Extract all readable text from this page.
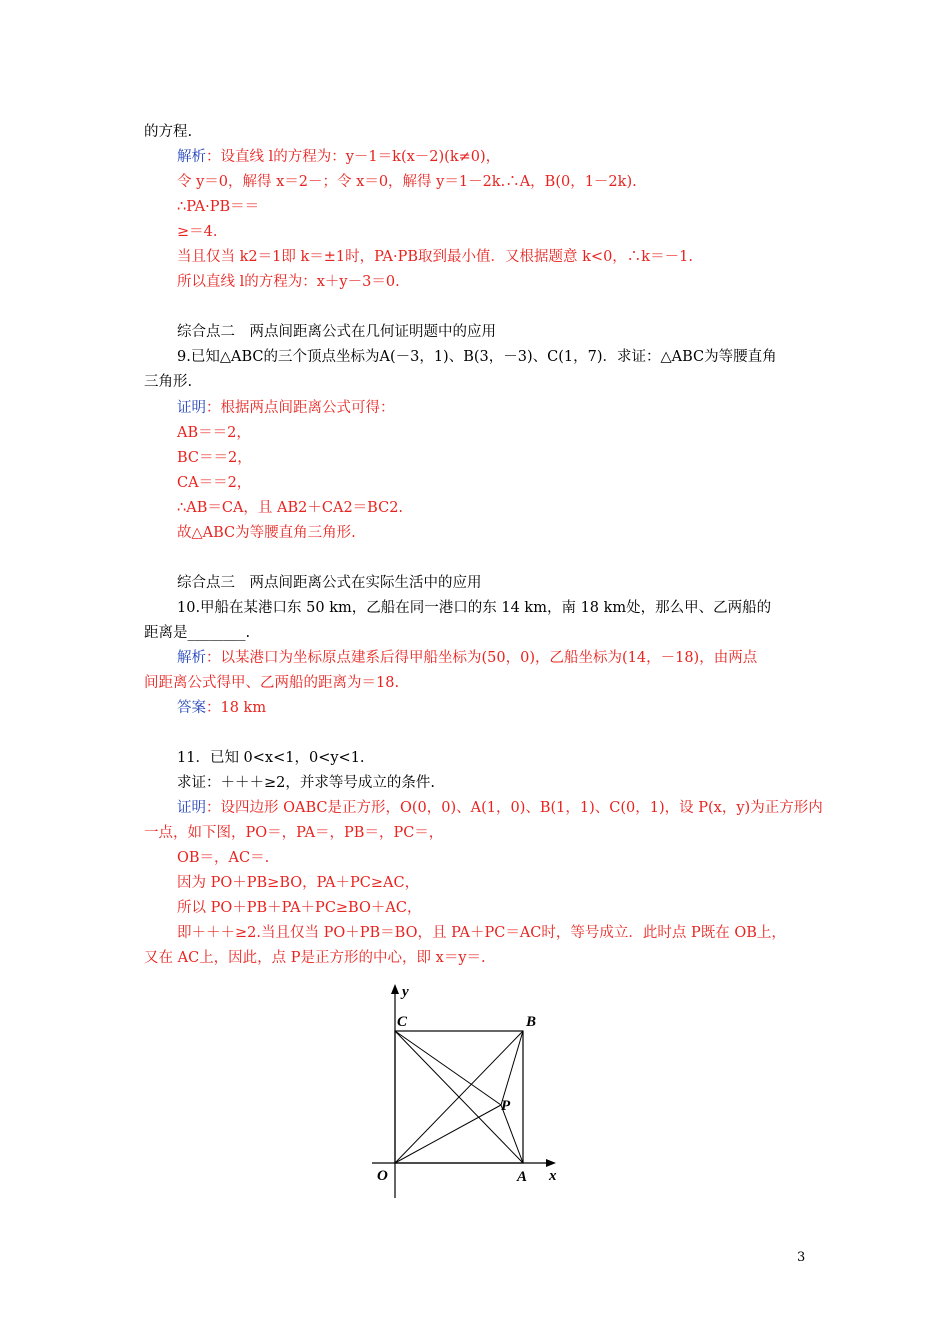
的方程.
解析：设直线 l的方程为：y－1＝k(x－2)(k≠0)，
令 y＝0，解得 x＝2－；令 x＝0，解得 y＝1－2k.∴A，B(0，1－2k).
∴PA·PB＝＝
≥＝4.
当且仅当 k2＝1即 k＝±1时，PA·PB取到最小值．又根据题意 k<0，∴k＝－1.
所以直线 l的方程为：x＋y－3＝0.
综合点二　两点间距离公式在几何证明题中的应用
9.已知△ABC的三个顶点坐标为A(－3，1)、B(3，－3)、C(1，7)．求证：△ABC为等腰直角
三角形.
证明：根据两点间距离公式可得：
AB＝＝2，
BC＝＝2，
CA＝＝2，
∴AB＝CA，且 AB2＋CA2＝BC2.
故△ABC为等腰直角三角形.
综合点三　两点间距离公式在实际生活中的应用
10.甲船在某港口东 50 km，乙船在同一港口的东 14 km，南 18 km处，那么甲、乙两船的
距离是________.
解析：以某港口为坐标原点建系后得甲船坐标为(50，0)，乙船坐标为(14，－18)，由两点
间距离公式得甲、乙两船的距离为＝18.
答案：18 km
11．已知 0<x<1，0<y<1.
求证：＋＋＋≥2，并求等号成立的条件.
证明：设四边形 OABC是正方形，O(0，0)、A(1，0)、B(1，1)、C(0，1)，设 P(x，y)为正方形内
一点，如下图，PO＝，PA＝，PB＝，PC＝，
OB＝，AC＝.
因为 PO＋PB≥BO，PA＋PC≥AC，
所以 PO＋PB＋PA＋PC≥BO＋AC，
即＋＋＋≥2.当且仅当 PO＋PB＝BO，且 PA＋PC＝AC时，等号成立．此时点 P既在 OB上，
又在 AC上，因此，点 P是正方形的中心，即 x＝y＝.
y
x
O	A
B
C
P
3
